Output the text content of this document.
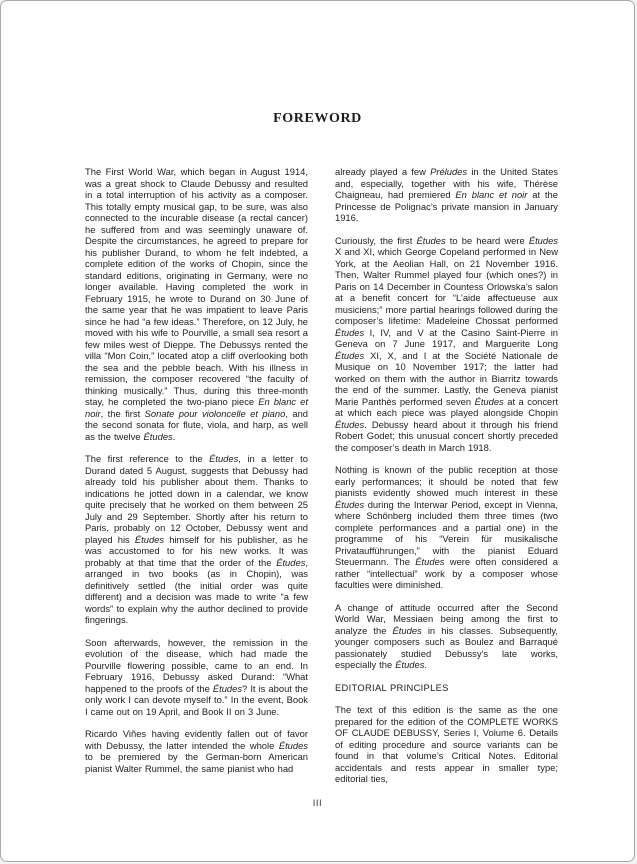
FOREWORD

The First World War, which began in August 1914, was a great shock to Claude Debussy and resulted in a total interruption of his activity as a composer. This totally empty musical gap, to be sure, was also connected to the incurable disease (a rectal cancer) he suffered from and was seemingly unaware of. Despite the circumstances, he agreed to prepare for his publisher Durand, to whom he felt indebted, a complete edition of the works of Chopin, since the standard editions, originating in Germany, were no longer available. Having completed the work in February 1915, he wrote to Durand on 30 June of the same year that he was impatient to leave Paris since he had “a few ideas.” Therefore, on 12 July, he moved with his wife to Pourville, a small sea resort a few miles west of Dieppe. The Debussys rented the villa “Mon Coin,” located atop a cliff overlooking both the sea and the pebble beach. With his illness in remission, the composer recovered “the faculty of thinking musically.” Thus, during this three-month stay, he completed the two-piano piece En blanc et noir, the first Sonate pour violoncelle et piano, and the second sonata for flute, viola, and harp, as well as the twelve Études.

The first reference to the Études, in a letter to Durand dated 5 August, suggests that Debussy had already told his publisher about them. Thanks to indications he jotted down in a calendar, we know quite precisely that he worked on them between 25 July and 29 September. Shortly after his return to Paris, probably on 12 October, Debussy went and played his Études himself for his publisher, as he was accustomed to for his new works. It was probably at that time that the order of the Études, arranged in two books (as in Chopin), was definitively settled (the initial order was quite different) and a decision was made to write “a few words” to explain why the author declined to provide fingerings.

Soon afterwards, however, the remission in the evolution of the disease, which had made the Pourville flowering possible, came to an end. In February 1916, Debussy asked Durand: “What happened to the proofs of the Études? It is about the only work I can devote myself to.” In the event, Book I came out on 19 April, and Book II on 3 June.

Ricardo Viñes having evidently fallen out of favor with Debussy, the latter intended the whole Études to be premiered by the German-born American pianist Walter Rummel, the same pianist who had

already played a few Préludes in the United States and, especially, together with his wife, Thérèse Chaigneau, had premiered En blanc et noir at the Princesse de Polignac’s private mansion in January 1916.

Curiously, the first Études to be heard were Études X and XI, which George Copeland performed in New York, at the Aeolian Hall, on 21 November 1916. Then, Walter Rummel played four (which ones?) in Paris on 14 December in Countess Orlowska’s salon at a benefit concert for “L’aide affectueuse aux musiciens;” more partial hearings followed during the composer’s lifetime: Madeleine Chossat performed Études I, IV, and V at the Casino Saint-Pierre in Geneva on 7 June 1917, and Marguerite Long Études XI, X, and I at the Société Nationale de Musique on 10 November 1917; the latter had worked on them with the author in Biarritz towards the end of the summer. Lastly, the Geneva pianist Marie Panthès performed seven Études at a concert at which each piece was played alongside Chopin Études. Debussy heard about it through his friend Robert Godet; this unusual concert shortly preceded the composer’s death in March 1918.

Nothing is known of the public reception at those early performances; it should be noted that few pianists evidently showed much interest in these Études during the Interwar Period, except in Vienna, where Schönberg included them three times (two complete performances and a partial one) in the programme of his “Verein für musikalische Privataufführungen,” with the pianist Eduard Steuermann. The Études were often considered a rather “intellectual” work by a composer whose faculties were diminished.

A change of attitude occurred after the Second World War, Messiaen being among the first to analyze the Études in his classes. Subsequently, younger composers such as Boulez and Barraqué passionately studied Debussy’s late works, especially the Études.

EDITORIAL PRINCIPLES

The text of this edition is the same as the one prepared for the edition of the COMPLETE WORKS OF CLAUDE DEBUSSY, Series I, Volume 6. Details of editing procedure and source variants can be found in that volume’s Critical Notes. Editorial accidentals and rests appear in smaller type; editorial ties,

III
